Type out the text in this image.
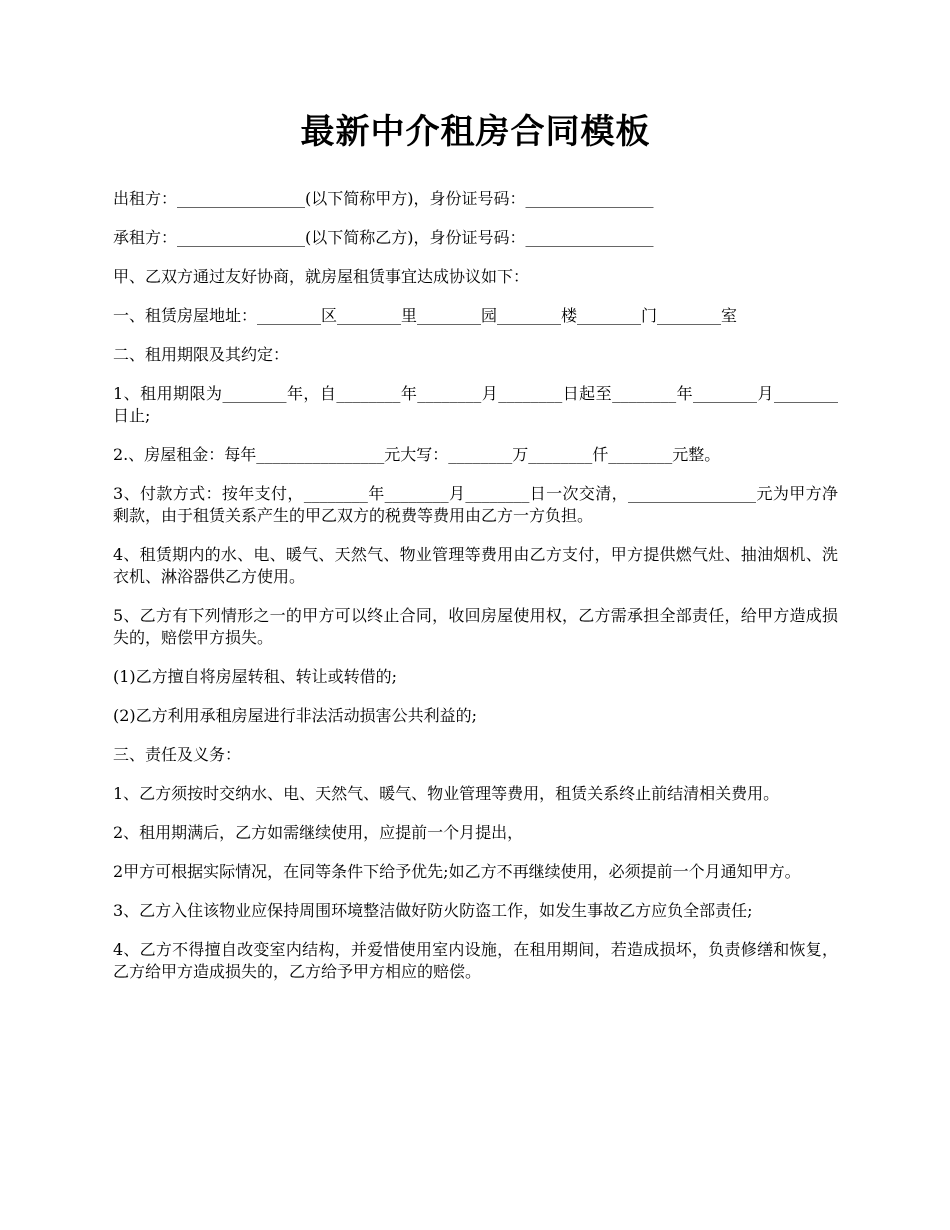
最新中介租房合同模板

出租方：________________(以下简称甲方)，身份证号码：________________

承租方：________________(以下简称乙方)，身份证号码：________________

甲、乙双方通过友好协商，就房屋租赁事宜达成协议如下：

一、租赁房屋地址：________区________里________园________楼________门________室

二、租用期限及其约定：

1、租用期限为________年，自________年________月________日起至________年________月________日止;

2.、房屋租金：每年________________元大写：________万________仟________元整。

3、付款方式：按年支付，________年________月________日一次交清，________________元为甲方净剩款，由于租赁关系产生的甲乙双方的税费等费用由乙方一方负担。

4、租赁期内的水、电、暖气、天然气、物业管理等费用由乙方支付，甲方提供燃气灶、抽油烟机、洗衣机、淋浴器供乙方使用。

5、乙方有下列情形之一的甲方可以终止合同，收回房屋使用权，乙方需承担全部责任，给甲方造成损失的，赔偿甲方损失。

(1)乙方擅自将房屋转租、转让或转借的;

(2)乙方利用承租房屋进行非法活动损害公共利益的;

三、责任及义务：

1、乙方须按时交纳水、电、天然气、暖气、物业管理等费用，租赁关系终止前结清相关费用。

2、租用期满后，乙方如需继续使用，应提前一个月提出，

2甲方可根据实际情况，在同等条件下给予优先;如乙方不再继续使用，必须提前一个月通知甲方。

3、乙方入住该物业应保持周围环境整洁做好防火防盗工作，如发生事故乙方应负全部责任;

4、乙方不得擅自改变室内结构，并爱惜使用室内设施，在租用期间，若造成损坏，负责修缮和恢复，乙方给甲方造成损失的，乙方给予甲方相应的赔偿。
